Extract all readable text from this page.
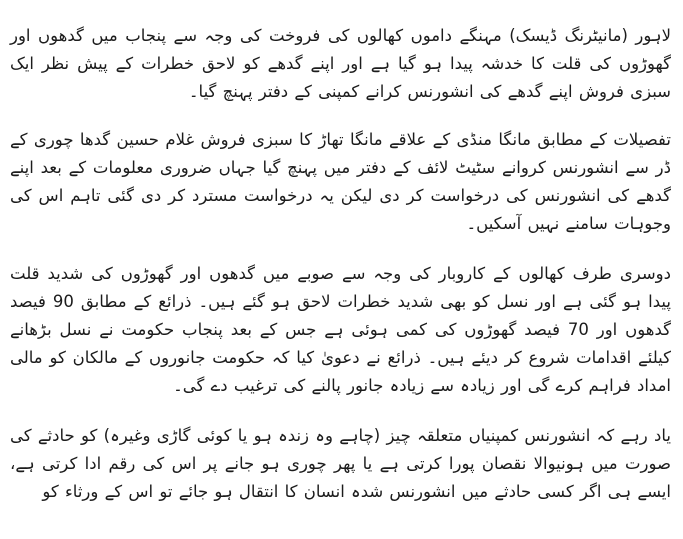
لاہور (مانیٹرنگ ڈیسک) مہنگے داموں کھالوں کی فروخت کی وجہ سے پنجاب میں گدھوں اور گھوڑوں کی قلت کا خدشہ پیدا ہو گیا ہے اور اپنے گدھے کو لاحق خطرات کے پیش نظر ایک سبزی فروش اپنے گدھے کی انشورنس کرانے کمپنی کے دفتر پہنچ گیا۔

تفصیلات کے مطابق مانگا منڈی کے علاقے مانگا تھاڑ کا سبزی فروش غلام حسین گدھا چوری کے ڈر سے انشورنس کروانے سٹیٹ لائف کے دفتر میں پہنچ گیا جہاں ضروری معلومات کے بعد اپنے گدھے کی انشورنس کی درخواست کر دی لیکن یہ درخواست مسترد کر دی گئی تاہم اس کی وجوہات سامنے نہیں آسکیں۔

دوسری طرف کھالوں کے کاروبار کی وجہ سے صوبے میں گدھوں اور گھوڑوں کی شدید قلت پیدا ہو گئی ہے اور نسل کو بھی شدید خطرات لاحق ہو گئے ہیں۔ ذرائع کے مطابق 90 فیصد گدھوں اور 70 فیصد گھوڑوں کی کمی ہوئی ہے جس کے بعد پنجاب حکومت نے نسل بڑھانے کیلئے اقدامات شروع کر دیئے ہیں۔ ذرائع نے دعویٰ کیا کہ حکومت جانوروں کے مالکان کو مالی امداد فراہم کرے گی اور زیادہ سے زیادہ جانور پالنے کی ترغیب دے گی۔

یاد رہے کہ انشورنس کمپنیاں متعلقہ چیز (چاہے وہ زندہ ہو یا کوئی گاڑی وغیرہ) کو حادثے کی صورت میں ہونیوالا نقصان پورا کرتی ہے یا پھر چوری ہو جانے پر اس کی رقم ادا کرتی ہے، ایسے ہی اگر کسی حادثے میں انشورنس شدہ انسان کا انتقال ہو جائے تو اس کے ورثاء کو
